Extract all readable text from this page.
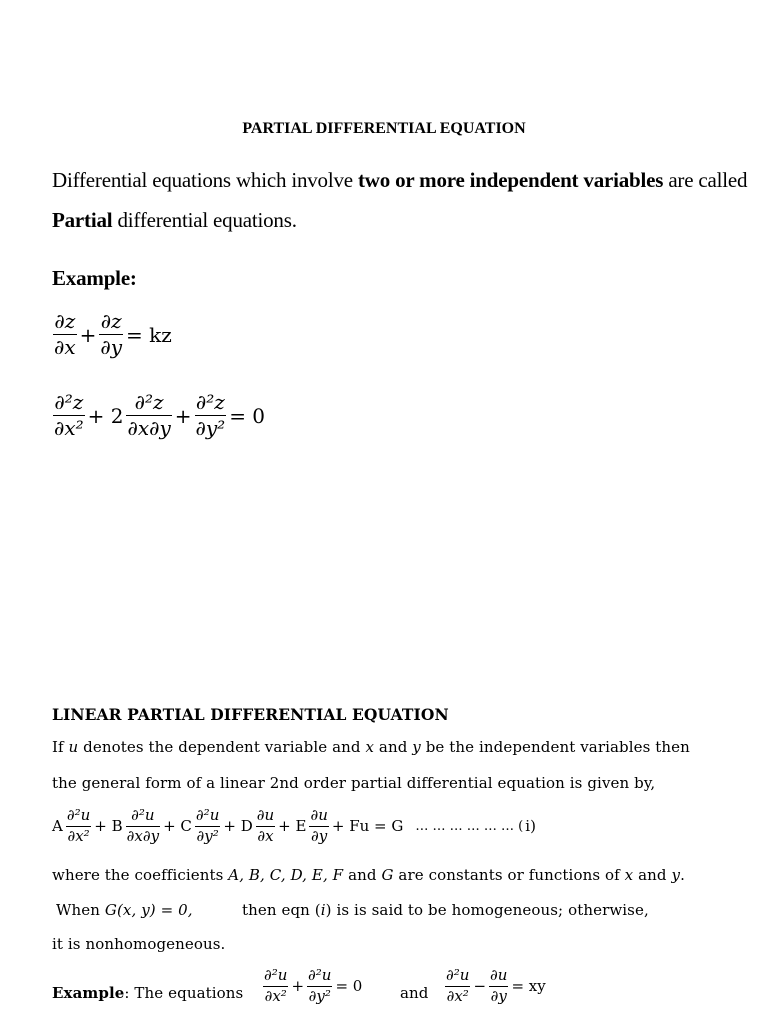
PARTIAL DIFFERENTIAL EQUATION
Differential equations which involve two or more independent variables are called
Partial differential equations.
Example:
$\frac{\partial z}{\partial x} + \frac{\partial z}{\partial y}$ = kz
$\frac{\text{∂²z}}{\text{∂x²}} + 2 \frac{\text{∂²z}}{\partial x\partial y} + \frac{\text{∂²z}}{\text{∂y²}} = 0$
LINEAR PARTIAL DIFFERENTIAL EQUATION
If u denotes the dependent variable and x and y be the independent variables then
the general form of a linear 2nd order partial differential equation is given by,
A $\frac{\text{∂²u}}{\text{∂x²}} + B \frac{\text{∂²u}}{\partial x\partial y} + C \frac{\text{∂²u}}{\text{∂y²}} + D \frac{\partial u}{\partial x} + E \frac{\partial u}{\partial y} + Fu = G$ … … … … … … ( i)
where the coefficients A, B, C, D, E, F and G are constants or functions of x and y.
When G(x, y) = 0,	then eqn (i) is is said to be homogeneous; otherwise,
it is nonhomogeneous.
Example: The equations $\frac{\text{∂²u}}{\text{∂x²}} + \frac{\text{∂²u}}{\text{∂y²}} = 0$	and $\frac{\text{∂²u}}{\text{∂x²}} - \frac{\partial u}{\partial y}$ = xy
